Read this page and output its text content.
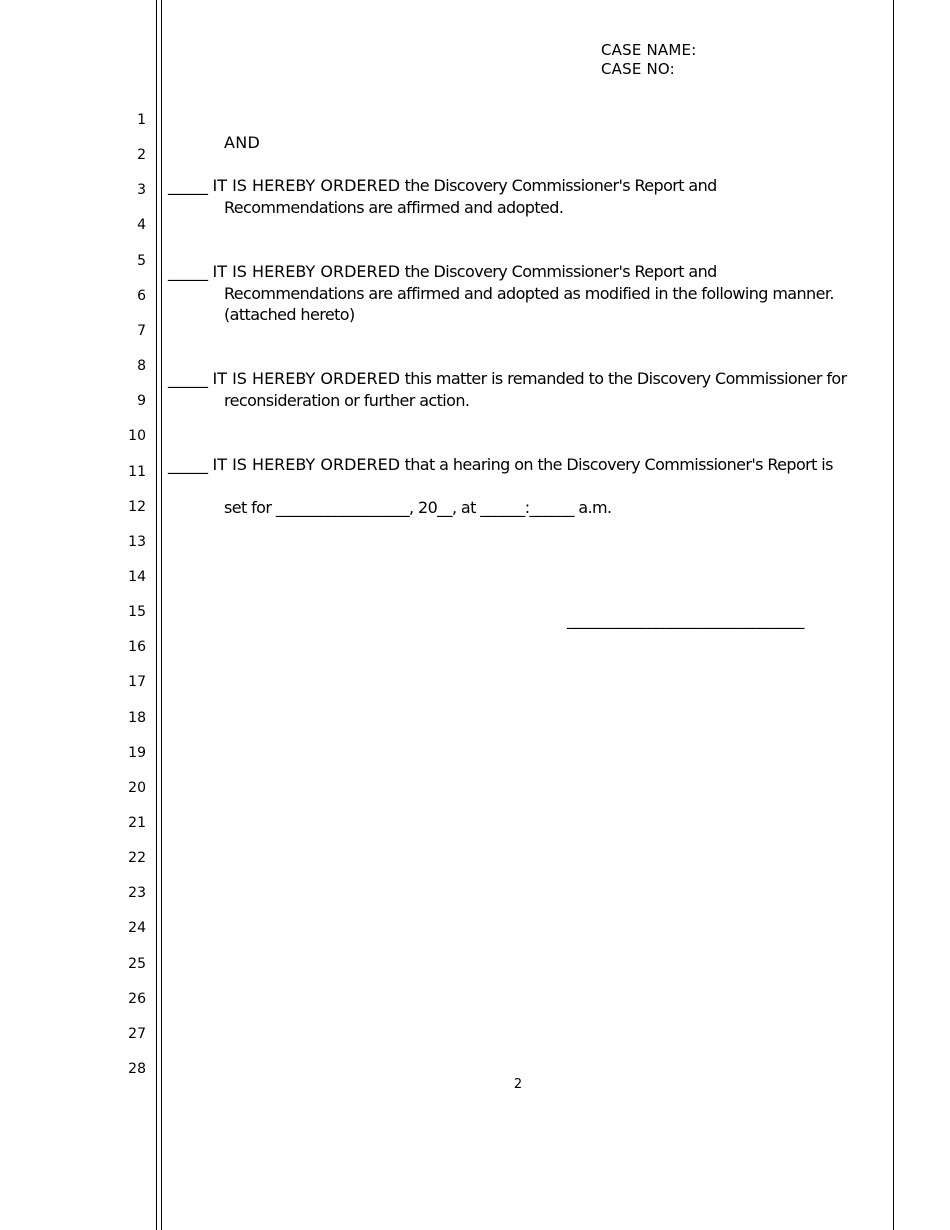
1
2
3
4
5
6
7
8
9
10
11
12
13
14
15
16
17
18
19
20
21
22
23
24
25
26
27
28
CASE NAME:
CASE NO:
AND
_____ IT IS HEREBY ORDERED the Discovery Commissioner's Report and
Recommendations are affirmed and adopted.
_____ IT IS HEREBY ORDERED the Discovery Commissioner's Report and
Recommendations are affirmed and adopted as modified in the following manner.
(attached hereto)
_____ IT IS HEREBY ORDERED this matter is remanded to the Discovery Commissioner for
reconsideration or further action.
_____ IT IS HEREBY ORDERED that a hearing on the Discovery Commissioner's Report is
set for __________________, 20__, at ______:______ a.m.
________________________________
2
